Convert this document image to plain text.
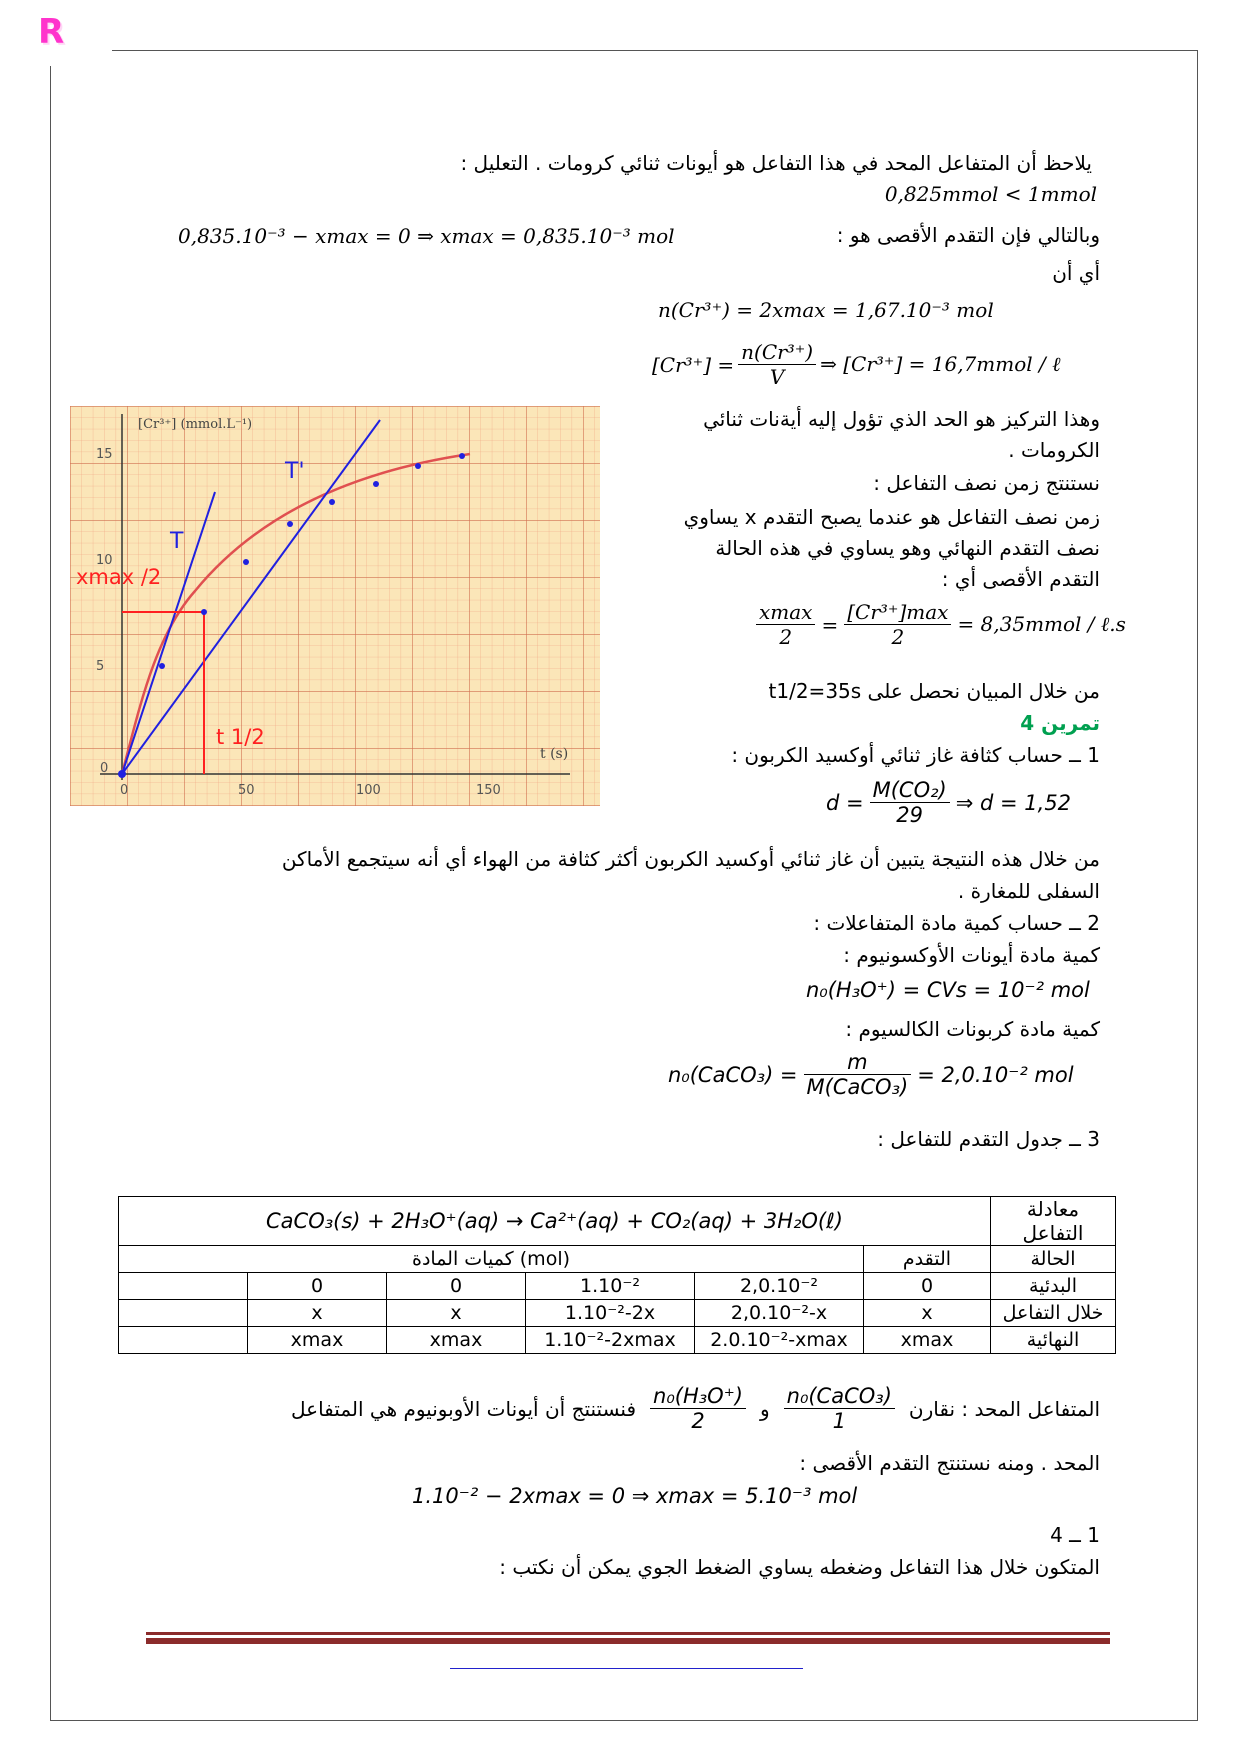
R
يلاحظ أن المتفاعل المحد في هذا التفاعل هو أيونات ثنائي كرومات . التعليل :
0,825mmol < 1mmol
وبالتالي فإن التقدم الأقصى هو :
0,835.10⁻³ − xmax = 0 ⇒ xmax = 0,835.10⁻³ mol
أي أن
n(Cr³⁺) = 2xmax = 1,67.10⁻³ mol
$[Cr^{3+}] = \frac{\text{n(Cr³⁺)}}{V}$ ⇒ [Cr³⁺] = 16,7mmol / ℓ
[Cr³⁺] (mmol.L⁻¹)
t (s)
15
10
5
0
0	50	100	150
T
T'
xmax /2
t 1/2
وهذا التركيز هو الحد الذي تؤول إليه أيةنات ثنائي
الكرومات .
نستنتج زمن نصف التفاعل :
زمن نصف التفاعل هو عندما يصبح التقدم x يساوي
نصف التقدم النهائي وهو يساوي في هذه الحالة
التقدم الأقصى أي :
$\frac{xmax}{2} = \frac{\text{[Cr³⁺]max}}{2}$ = 8,35mmol / ℓ.s
من خلال المبيان نحصل على t1/2=35s
تمرين 4
1 ــ حساب كثافة غاز ثنائي أوكسيد الكربون :
$d = \frac{\text{M(CO₂)}}{29}$ ⇒ d = 1,52
من خلال هذه النتيجة يتبين أن غاز ثنائي أوكسيد الكربون أكثر كثافة من الهواء أي أنه سيتجمع الأماكن
السفلى للمغارة .
2 ــ حساب كمية مادة المتفاعلات :
كمية مادة أيونات الأوكسونيوم :
n₀(H₃O⁺) = CVs = 10⁻² mol
كمية مادة كربونات الكالسيوم :
n₀(CaCO₃) = $\frac{m}{\text{M(CaCO₃)}} = 2,0.10^{-2}$ mol
3 ــ جدول التقدم للتفاعل :
CaCO₃(s) + 2H₃O⁺(aq) → Ca²⁺(aq) + CO₂(aq) + 3H₂O(ℓ)						معادلة التفاعل
كميات المادة (mol)					التقدم	الحالة
	0	0	1.10⁻²	2,0.10⁻²	0	البدئية
	x	x	1.10⁻²-2x	2,0.10⁻²-x	x	خلال التفاعل
	xmax	xmax	1.10⁻²-2xmax	2.0.10⁻²-xmax	xmax	النهائية
المتفاعل المحد : نقارن
$\frac{\text{n₀(CaCO₃)}}{1}$
و
$\frac{\text{n₀(H₃O⁺)}}{2}$
فنستنتج أن أيونات الأوبونيوم هي المتفاعل
المحد . ومنه نستنتج التقدم الأقصى :
1.10⁻² − 2xmax = 0 ⇒ xmax = 5.10⁻³ mol
1 ــ 4
المتكون خلال هذا التفاعل وضغطه يساوي الضغط الجوي يمكن أن نكتب :
